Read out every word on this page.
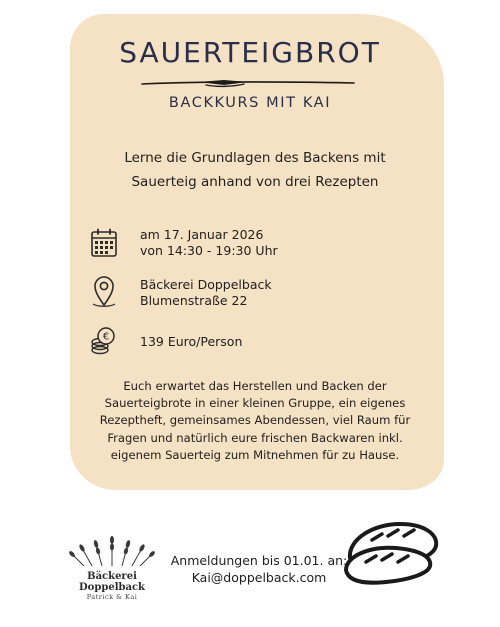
SAUERTEIGBROT
BACKKURS MIT KAI
Lerne die Grundlagen des Backens mit
Sauerteig anhand von drei Rezepten
am 17. Januar 2026
von 14:30 - 19:30 Uhr
Bäckerei Doppelback
Blumenstraße 22
€ 139 Euro/Person
Euch erwartet das Herstellen und Backen der
Sauerteigbrote in einer kleinen Gruppe, ein eigenes
Rezeptheft, gemeinsames Abendessen, viel Raum für
Fragen und natürlich eure frischen Backwaren inkl.
eigenem Sauerteig zum Mitnehmen für zu Hause.
Bäckerei Doppelback
Patrick & Kai
Anmeldungen bis 01.01. an:
Kai@doppelback.com
